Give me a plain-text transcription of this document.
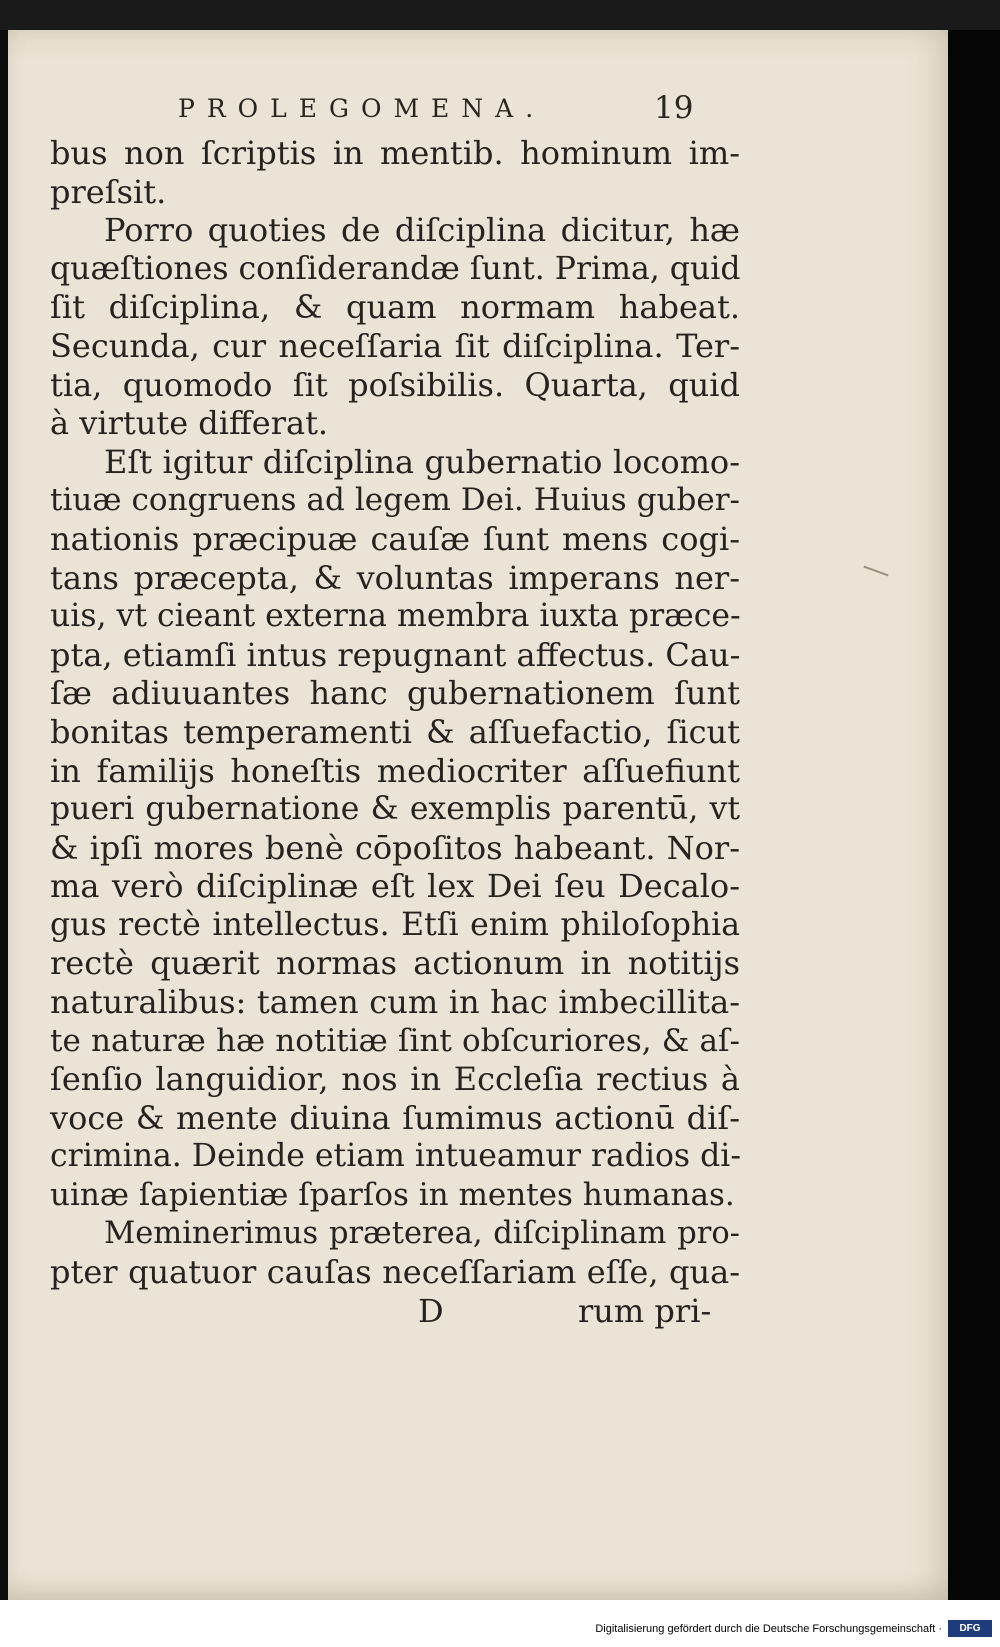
PROLEGOMENA.	19
bus non ſcriptis in mentib. hominum im-
preſsit.
Porro quoties de diſciplina dicitur, hæ
quæſtiones conſiderandæ ſunt. Prima, quid
ſit diſciplina, & quam normam habeat.
Secunda, cur neceſſaria ſit diſciplina. Ter-
tia, quomodo ſit poſsibilis. Quarta, quid
à virtute differat.
Eſt igitur diſciplina gubernatio locomo-
tiuæ congruens ad legem Dei. Huius guber-
nationis præcipuæ cauſæ ſunt mens cogi-
tans præcepta, & voluntas imperans ner-
uis, vt cieant externa membra iuxta præce-
pta, etiamſi intus repugnant affectus. Cau-
ſæ adiuuantes hanc gubernationem ſunt
bonitas temperamenti & aſſuefactio, ſicut
in familijs honeſtis mediocriter aſſuefiunt
pueri gubernatione & exemplis parentū, vt
& ipſi mores benè cōpoſitos habeant. Nor-
ma verò diſciplinæ eſt lex Dei ſeu Decalo-
gus rectè intellectus. Etſi enim philoſophia
rectè quærit normas actionum in notitijs
naturalibus: tamen cum in hac imbecillita-
te naturæ hæ notitiæ ſint obſcuriores, & aſ-
ſenſio languidior, nos in Eccleſia rectius à
voce & mente diuina ſumimus actionū diſ-
crimina. Deinde etiam intueamur radios di-
uinæ ſapientiæ ſparſos in mentes humanas.
Meminerimus præterea, diſciplinam pro-
pter quatuor cauſas neceſſariam eſſe, qua-
D	rum pri-
Digitalisierung gefördert durch die Deutsche Forschungsgemeinschaft ·	DFG
